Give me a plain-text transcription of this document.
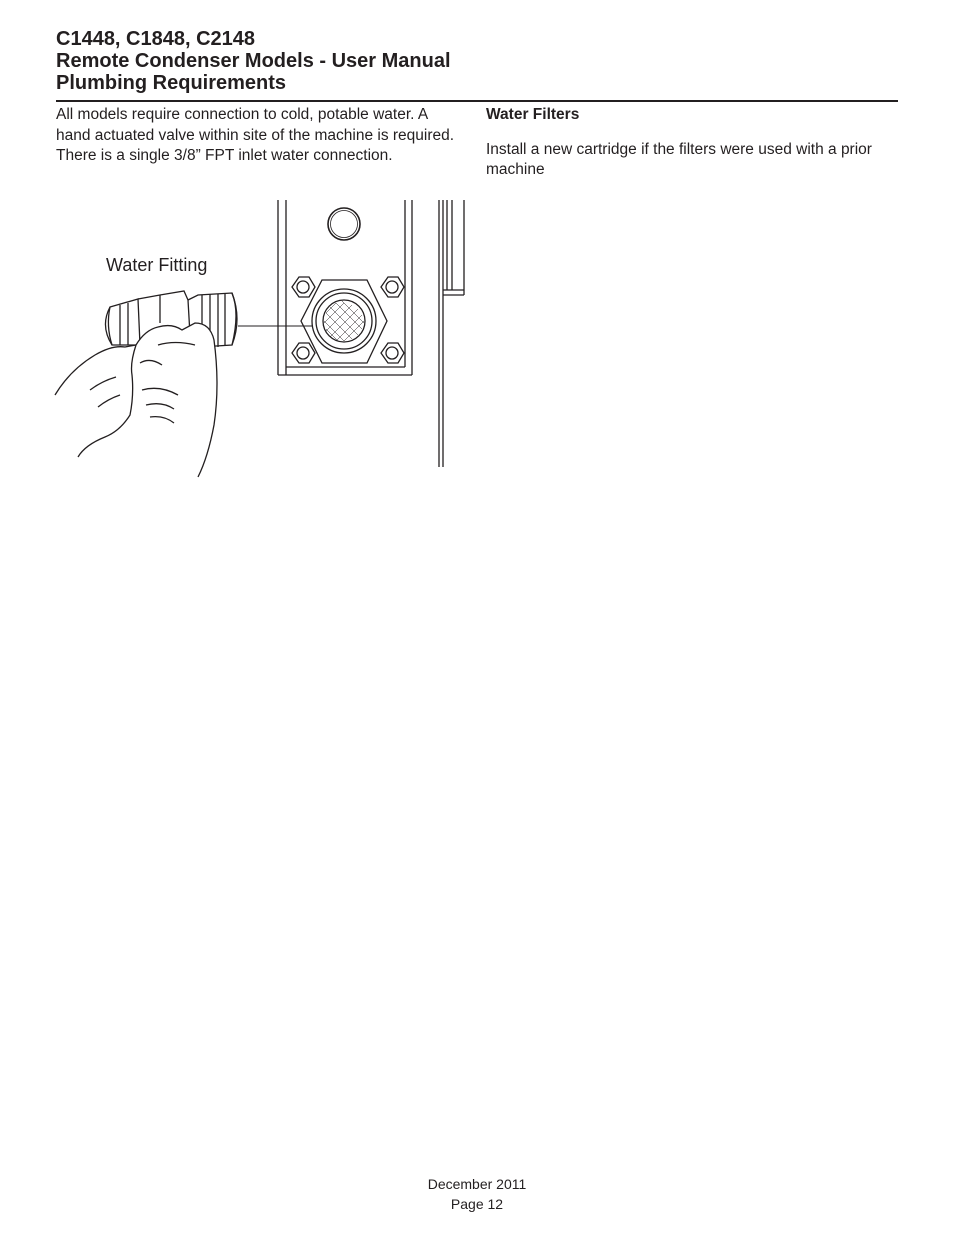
C1448, C1848, C2148
Remote Condenser Models - User Manual
Plumbing Requirements
All models require connection to cold, potable water. A hand actuated valve within site of the machine is required. There is a single 3/8” FPT inlet water connection.
Water Filters

Install a new cartridge if the filters were used with a prior machine

Water Fitting
December 2011
Page 12
